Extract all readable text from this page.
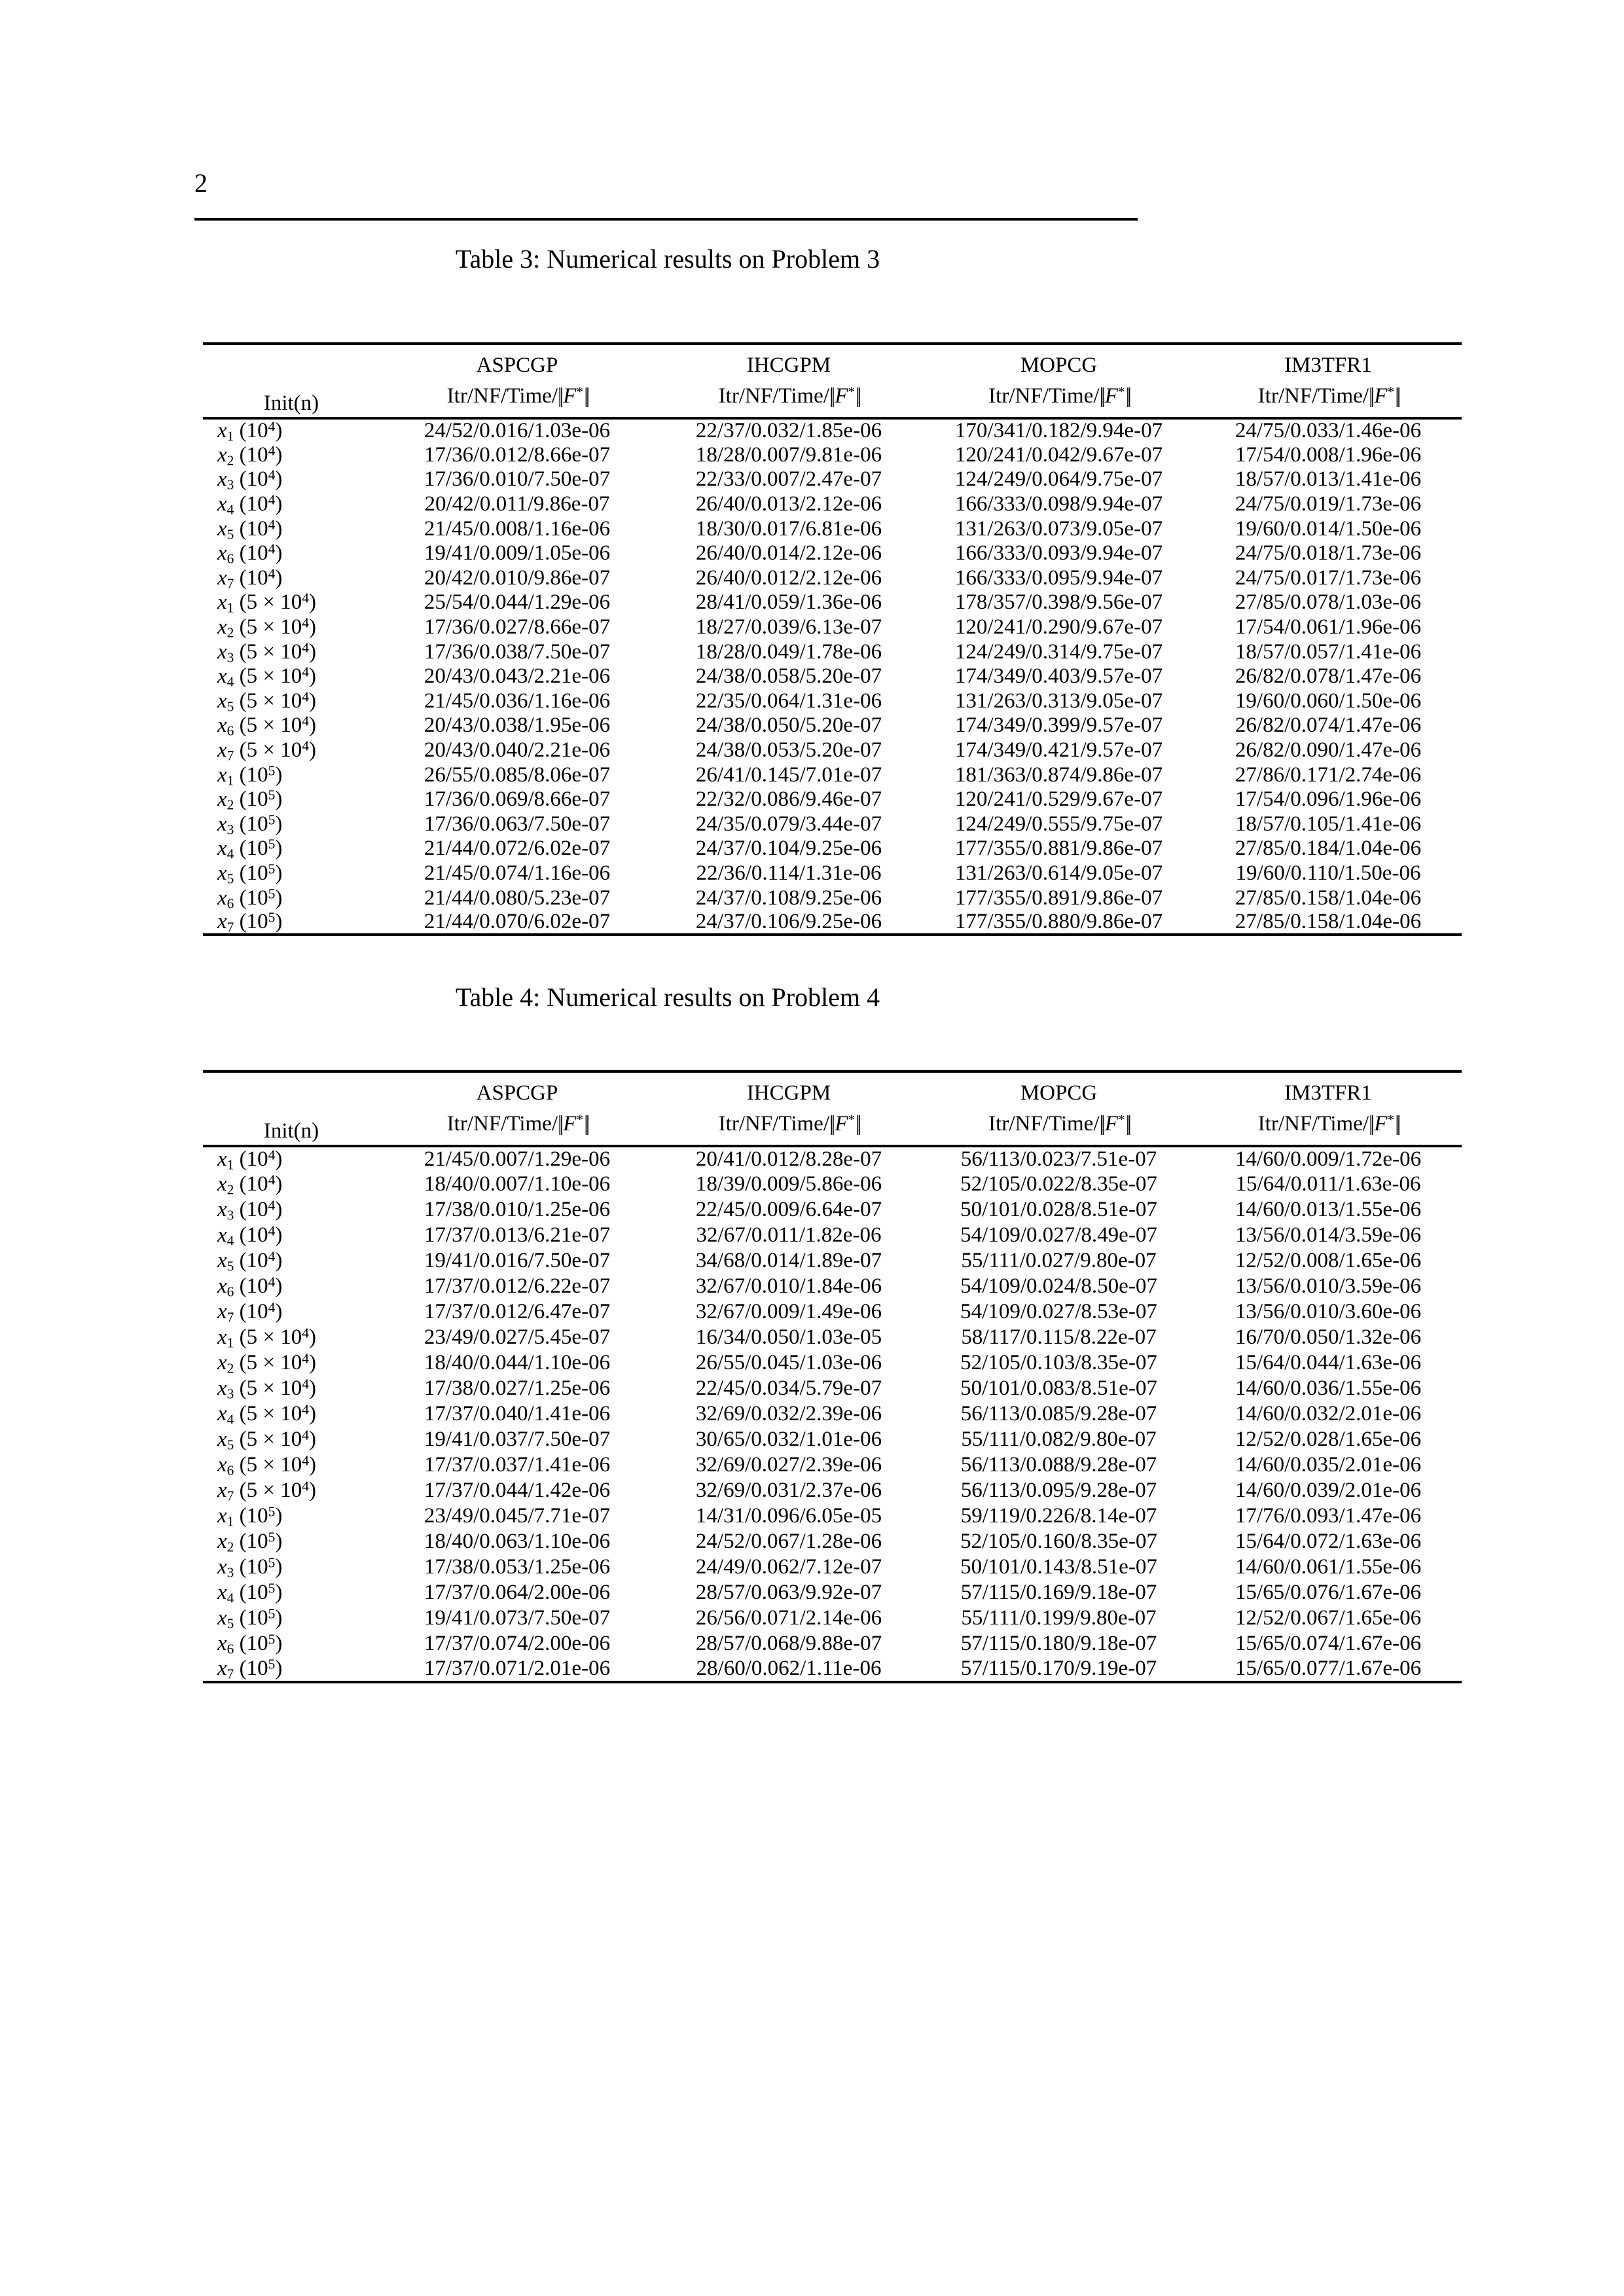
2
Table 3: Numerical results on Problem 3
Init(n)	ASPCGP	IHCGPM	MOPCG	IM3TFR1
	Itr/NF/Time/||F*||	Itr/NF/Time/||F*||	Itr/NF/Time/||F*||	Itr/NF/Time/||F*||
$x_1$ $(10^4)$	24/52/0.016/1.03e-06	22/37/0.032/1.85e-06	170/341/0.182/9.94e-07	24/75/0.033/1.46e-06
$x_2$ $(10^4)$	17/36/0.012/8.66e-07	18/28/0.007/9.81e-06	120/241/0.042/9.67e-07	17/54/0.008/1.96e-06
$x_3$ $(10^4)$	17/36/0.010/7.50e-07	22/33/0.007/2.47e-07	124/249/0.064/9.75e-07	18/57/0.013/1.41e-06
$x_4$ $(10^4)$	20/42/0.011/9.86e-07	26/40/0.013/2.12e-06	166/333/0.098/9.94e-07	24/75/0.019/1.73e-06
$x_5$ $(10^4)$	21/45/0.008/1.16e-06	18/30/0.017/6.81e-06	131/263/0.073/9.05e-07	19/60/0.014/1.50e-06
$x_6$ $(10^4)$	19/41/0.009/1.05e-06	26/40/0.014/2.12e-06	166/333/0.093/9.94e-07	24/75/0.018/1.73e-06
$x_7$ $(10^4)$	20/42/0.010/9.86e-07	26/40/0.012/2.12e-06	166/333/0.095/9.94e-07	24/75/0.017/1.73e-06
$x_1$ $(5 \times 10^4)$	25/54/0.044/1.29e-06	28/41/0.059/1.36e-06	178/357/0.398/9.56e-07	27/85/0.078/1.03e-06
$x_2$ $(5 \times 10^4)$	17/36/0.027/8.66e-07	18/27/0.039/6.13e-07	120/241/0.290/9.67e-07	17/54/0.061/1.96e-06
$x_3$ $(5 \times 10^4)$	17/36/0.038/7.50e-07	18/28/0.049/1.78e-06	124/249/0.314/9.75e-07	18/57/0.057/1.41e-06
$x_4$ $(5 \times 10^4)$	20/43/0.043/2.21e-06	24/38/0.058/5.20e-07	174/349/0.403/9.57e-07	26/82/0.078/1.47e-06
$x_5$ $(5 \times 10^4)$	21/45/0.036/1.16e-06	22/35/0.064/1.31e-06	131/263/0.313/9.05e-07	19/60/0.060/1.50e-06
$x_6$ $(5 \times 10^4)$	20/43/0.038/1.95e-06	24/38/0.050/5.20e-07	174/349/0.399/9.57e-07	26/82/0.074/1.47e-06
$x_7$ $(5 \times 10^4)$	20/43/0.040/2.21e-06	24/38/0.053/5.20e-07	174/349/0.421/9.57e-07	26/82/0.090/1.47e-06
$x_1$ $(10^5)$	26/55/0.085/8.06e-07	26/41/0.145/7.01e-07	181/363/0.874/9.86e-07	27/86/0.171/2.74e-06
$x_2$ $(10^5)$	17/36/0.069/8.66e-07	22/32/0.086/9.46e-07	120/241/0.529/9.67e-07	17/54/0.096/1.96e-06
$x_3$ $(10^5)$	17/36/0.063/7.50e-07	24/35/0.079/3.44e-07	124/249/0.555/9.75e-07	18/57/0.105/1.41e-06
$x_4$ $(10^5)$	21/44/0.072/6.02e-07	24/37/0.104/9.25e-06	177/355/0.881/9.86e-07	27/85/0.184/1.04e-06
$x_5$ $(10^5)$	21/45/0.074/1.16e-06	22/36/0.114/1.31e-06	131/263/0.614/9.05e-07	19/60/0.110/1.50e-06
$x_6$ $(10^5)$	21/44/0.080/5.23e-07	24/37/0.108/9.25e-06	177/355/0.891/9.86e-07	27/85/0.158/1.04e-06
$x_7$ $(10^5)$	21/44/0.070/6.02e-07	24/37/0.106/9.25e-06	177/355/0.880/9.86e-07	27/85/0.158/1.04e-06
Table 4: Numerical results on Problem 4
Init(n)	ASPCGP	IHCGPM	MOPCG	IM3TFR1
	Itr/NF/Time/||F*||	Itr/NF/Time/||F*||	Itr/NF/Time/||F*||	Itr/NF/Time/||F*||
$x_1$ $(10^4)$	21/45/0.007/1.29e-06	20/41/0.012/8.28e-07	56/113/0.023/7.51e-07	14/60/0.009/1.72e-06
$x_2$ $(10^4)$	18/40/0.007/1.10e-06	18/39/0.009/5.86e-06	52/105/0.022/8.35e-07	15/64/0.011/1.63e-06
$x_3$ $(10^4)$	17/38/0.010/1.25e-06	22/45/0.009/6.64e-07	50/101/0.028/8.51e-07	14/60/0.013/1.55e-06
$x_4$ $(10^4)$	17/37/0.013/6.21e-07	32/67/0.011/1.82e-06	54/109/0.027/8.49e-07	13/56/0.014/3.59e-06
$x_5$ $(10^4)$	19/41/0.016/7.50e-07	34/68/0.014/1.89e-07	55/111/0.027/9.80e-07	12/52/0.008/1.65e-06
$x_6$ $(10^4)$	17/37/0.012/6.22e-07	32/67/0.010/1.84e-06	54/109/0.024/8.50e-07	13/56/0.010/3.59e-06
$x_7$ $(10^4)$	17/37/0.012/6.47e-07	32/67/0.009/1.49e-06	54/109/0.027/8.53e-07	13/56/0.010/3.60e-06
$x_1$ $(5 \times 10^4)$	23/49/0.027/5.45e-07	16/34/0.050/1.03e-05	58/117/0.115/8.22e-07	16/70/0.050/1.32e-06
$x_2$ $(5 \times 10^4)$	18/40/0.044/1.10e-06	26/55/0.045/1.03e-06	52/105/0.103/8.35e-07	15/64/0.044/1.63e-06
$x_3$ $(5 \times 10^4)$	17/38/0.027/1.25e-06	22/45/0.034/5.79e-07	50/101/0.083/8.51e-07	14/60/0.036/1.55e-06
$x_4$ $(5 \times 10^4)$	17/37/0.040/1.41e-06	32/69/0.032/2.39e-06	56/113/0.085/9.28e-07	14/60/0.032/2.01e-06
$x_5$ $(5 \times 10^4)$	19/41/0.037/7.50e-07	30/65/0.032/1.01e-06	55/111/0.082/9.80e-07	12/52/0.028/1.65e-06
$x_6$ $(5 \times 10^4)$	17/37/0.037/1.41e-06	32/69/0.027/2.39e-06	56/113/0.088/9.28e-07	14/60/0.035/2.01e-06
$x_7$ $(5 \times 10^4)$	17/37/0.044/1.42e-06	32/69/0.031/2.37e-06	56/113/0.095/9.28e-07	14/60/0.039/2.01e-06
$x_1$ $(10^5)$	23/49/0.045/7.71e-07	14/31/0.096/6.05e-05	59/119/0.226/8.14e-07	17/76/0.093/1.47e-06
$x_2$ $(10^5)$	18/40/0.063/1.10e-06	24/52/0.067/1.28e-06	52/105/0.160/8.35e-07	15/64/0.072/1.63e-06
$x_3$ $(10^5)$	17/38/0.053/1.25e-06	24/49/0.062/7.12e-07	50/101/0.143/8.51e-07	14/60/0.061/1.55e-06
$x_4$ $(10^5)$	17/37/0.064/2.00e-06	28/57/0.063/9.92e-07	57/115/0.169/9.18e-07	15/65/0.076/1.67e-06
$x_5$ $(10^5)$	19/41/0.073/7.50e-07	26/56/0.071/2.14e-06	55/111/0.199/9.80e-07	12/52/0.067/1.65e-06
$x_6$ $(10^5)$	17/37/0.074/2.00e-06	28/57/0.068/9.88e-07	57/115/0.180/9.18e-07	15/65/0.074/1.67e-06
$x_7$ $(10^5)$	17/37/0.071/2.01e-06	28/60/0.062/1.11e-06	57/115/0.170/9.19e-07	15/65/0.077/1.67e-06
